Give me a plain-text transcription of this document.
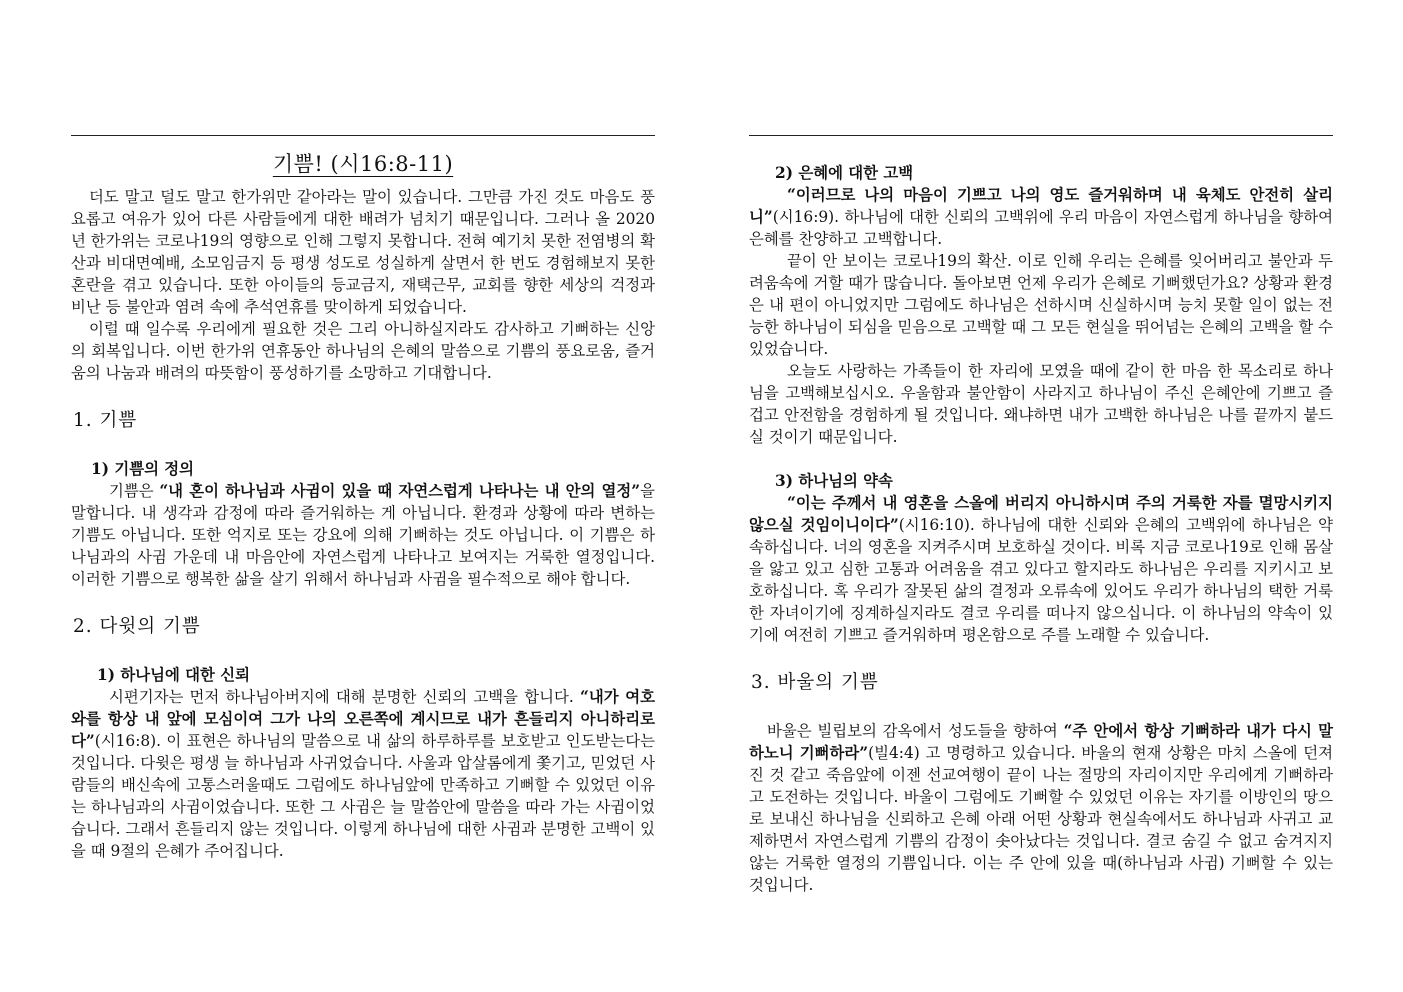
기쁨! (시16:8-11)

더도 말고 덜도 말고 한가위만 같아라는 말이 있습니다. 그만큼 가진 것도 마음도 풍요롭고 여유가 있어 다른 사람들에게 대한 배려가 넘치기 때문입니다. 그러나 올 2020년 한가위는 코로나19의 영향으로 인해 그렇지 못합니다. 전혀 예기치 못한 전염병의 확산과 비대면예배, 소모임금지 등 평생 성도로 성실하게 살면서 한 번도 경험해보지 못한 혼란을 겪고 있습니다. 또한 아이들의 등교금지, 재택근무, 교회를 향한 세상의 걱정과 비난 등 불안과 염려 속에 추석연휴를 맞이하게 되었습니다.

이럴 때 일수록 우리에게 필요한 것은 그리 아니하실지라도 감사하고 기뻐하는 신앙의 회복입니다. 이번 한가위 연휴동안 하나님의 은혜의 말씀으로 기쁨의 풍요로움, 즐거움의 나눔과 배려의 따뜻함이 풍성하기를 소망하고 기대합니다.

1. 기쁨
1) 기쁨의 정의

기쁨은 “내 혼이 하나님과 사귐이 있을 때 자연스럽게 나타나는 내 안의 열정”을 말합니다. 내 생각과 감정에 따라 즐거워하는 게 아닙니다. 환경과 상황에 따라 변하는 기쁨도 아닙니다. 또한 억지로 또는 강요에 의해 기뻐하는 것도 아닙니다. 이 기쁨은 하나님과의 사귐 가운데 내 마음안에 자연스럽게 나타나고 보여지는 거룩한 열정입니다. 이러한 기쁨으로 행복한 삶을 살기 위해서 하나님과 사귐을 필수적으로 해야 합니다.

2. 다윗의 기쁨
1) 하나님에 대한 신뢰

시편기자는 먼저 하나님아버지에 대해 분명한 신뢰의 고백을 합니다. “내가 여호와를 항상 내 앞에 모심이여 그가 나의 오른쪽에 계시므로 내가 흔들리지 아니하리로다”(시16:8). 이 표현은 하나님의 말씀으로 내 삶의 하루하루를 보호받고 인도받는다는 것입니다. 다윗은 평생 늘 하나님과 사귀었습니다. 사울과 압살롬에게 쫓기고, 믿었던 사람들의 배신속에 고통스러울때도 그럼에도 하나님앞에 만족하고 기뻐할 수 있었던 이유는 하나님과의 사귐이었습니다. 또한 그 사귐은 늘 말씀안에 말씀을 따라 가는 사귐이었습니다. 그래서 흔들리지 않는 것입니다. 이렇게 하나님에 대한 사귐과 분명한 고백이 있을 때 9절의 은혜가 주어집니다.

2) 은혜에 대한 고백

“이러므로 나의 마음이 기쁘고 나의 영도 즐거워하며 내 육체도 안전히 살리니”(시16:9). 하나님에 대한 신뢰의 고백위에 우리 마음이 자연스럽게 하나님을 향하여 은혜를 찬양하고 고백합니다.

끝이 안 보이는 코로나19의 확산. 이로 인해 우리는 은혜를 잊어버리고 불안과 두려움속에 거할 때가 많습니다. 돌아보면 언제 우리가 은혜로 기뻐했던가요? 상황과 환경은 내 편이 아니었지만 그럼에도 하나님은 선하시며 신실하시며 능치 못할 일이 없는 전능한 하나님이 되심을 믿음으로 고백할 때 그 모든 현실을 뛰어넘는 은혜의 고백을 할 수 있었습니다.

오늘도 사랑하는 가족들이 한 자리에 모였을 때에 같이 한 마음 한 목소리로 하나님을 고백해보십시오. 우울함과 불안함이 사라지고 하나님이 주신 은혜안에 기쁘고 즐겁고 안전함을 경험하게 될 것입니다. 왜냐하면 내가 고백한 하나님은 나를 끝까지 붙드실 것이기 때문입니다.

3) 하나님의 약속

“이는 주께서 내 영혼을 스올에 버리지 아니하시며 주의 거룩한 자를 멸망시키지 않으실 것임이니이다”(시16:10). 하나님에 대한 신뢰와 은혜의 고백위에 하나님은 약속하십니다. 너의 영혼을 지켜주시며 보호하실 것이다. 비록 지금 코로나19로 인해 몸살을 앓고 있고 심한 고통과 어려움을 겪고 있다고 할지라도 하나님은 우리를 지키시고 보호하십니다. 혹 우리가 잘못된 삶의 결정과 오류속에 있어도 우리가 하나님의 택한 거룩한 자녀이기에 징계하실지라도 결코 우리를 떠나지 않으십니다. 이 하나님의 약속이 있기에 여전히 기쁘고 즐거워하며 평온함으로 주를 노래할 수 있습니다.

3. 바울의 기쁨

바울은 빌립보의 감옥에서 성도들을 향하여 “주 안에서 항상 기뻐하라 내가 다시 말하노니 기뻐하라”(빌4:4) 고 명령하고 있습니다. 바울의 현재 상황은 마치 스올에 던져진 것 같고 죽음앞에 이젠 선교여행이 끝이 나는 절망의 자리이지만 우리에게 기뻐하라고 도전하는 것입니다. 바울이 그럼에도 기뻐할 수 있었던 이유는 자기를 이방인의 땅으로 보내신 하나님을 신뢰하고 은혜 아래 어떤 상황과 현실속에서도 하나님과 사귀고 교제하면서 자연스럽게 기쁨의 감정이 솟아났다는 것입니다. 결코 숨길 수 없고 숨겨지지 않는 거룩한 열정의 기쁨입니다. 이는 주 안에 있을 때(하나님과 사귐) 기뻐할 수 있는 것입니다.
